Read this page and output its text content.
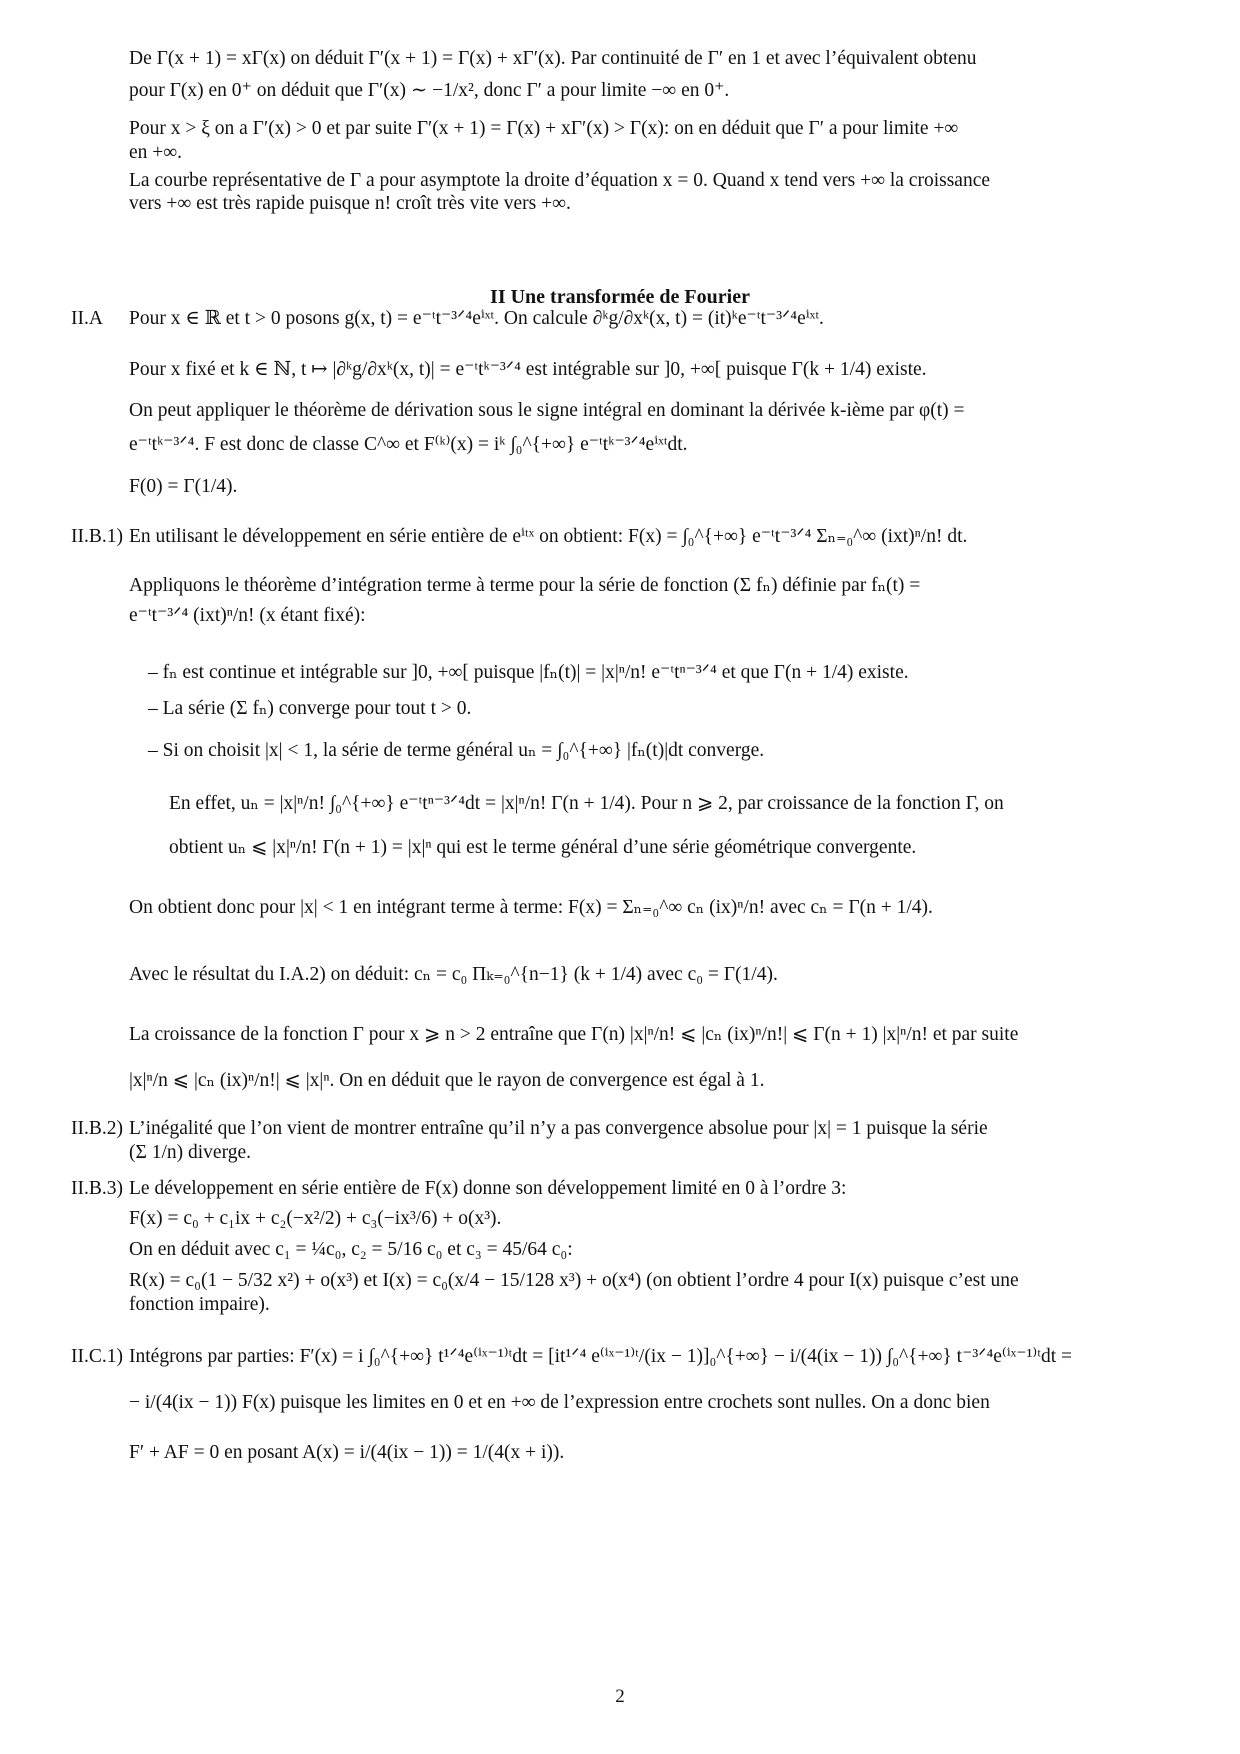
De Γ(x + 1) = xΓ(x) on déduit Γ′(x + 1) = Γ(x) + xΓ′(x). Par continuité de Γ′ en 1 et avec l’équivalent obtenu
pour Γ(x) en 0⁺ on déduit que Γ′(x) ∼ −1/x², donc Γ′ a pour limite −∞ en 0⁺.
Pour x > ξ on a Γ′(x) > 0 et par suite Γ′(x + 1) = Γ(x) + xΓ′(x) > Γ(x): on en déduit que Γ′ a pour limite +∞
en +∞.
La courbe représentative de Γ a pour asymptote la droite d’équation x = 0. Quand x tend vers +∞ la croissance
vers +∞ est très rapide puisque n! croît très vite vers +∞.
II Une transformée de Fourier
II.A Pour x ∈ ℝ et t > 0 posons g(x, t) = e⁻ᵗt⁻³ᐟ⁴eⁱˣᵗ. On calcule ∂ᵏg/∂xᵏ(x, t) = (it)ᵏe⁻ᵗt⁻³ᐟ⁴eⁱˣᵗ.
Pour x fixé et k ∈ ℕ, t ↦ |∂ᵏg/∂xᵏ(x, t)| = e⁻ᵗtᵏ⁻³ᐟ⁴ est intégrable sur ]0, +∞[ puisque Γ(k + 1/4) existe.
On peut appliquer le théorème de dérivation sous le signe intégral en dominant la dérivée k-ième par φ(t) =
e⁻ᵗtᵏ⁻³ᐟ⁴. F est donc de classe C^∞ et F⁽ᵏ⁾(x) = iᵏ ∫₀^{+∞} e⁻ᵗtᵏ⁻³ᐟ⁴eⁱˣᵗdt.
F(0) = Γ(1/4).
II.B.1) En utilisant le développement en série entière de eⁱᵗˣ on obtient: F(x) = ∫₀^{+∞} e⁻ᵗt⁻³ᐟ⁴ Σₙ₌₀^∞ (ixt)ⁿ/n! dt.
Appliquons le théorème d’intégration terme à terme pour la série de fonction (Σ fₙ) définie par fₙ(t) =
e⁻ᵗt⁻³ᐟ⁴ (ixt)ⁿ/n! (x étant fixé):
– fₙ est continue et intégrable sur ]0, +∞[ puisque |fₙ(t)| = |x|ⁿ/n! e⁻ᵗtⁿ⁻³ᐟ⁴ et que Γ(n + 1/4) existe.
– La série (Σ fₙ) converge pour tout t > 0.
– Si on choisit |x| < 1, la série de terme général uₙ = ∫₀^{+∞} |fₙ(t)|dt converge.
En effet, uₙ = |x|ⁿ/n! ∫₀^{+∞} e⁻ᵗtⁿ⁻³ᐟ⁴dt = |x|ⁿ/n! Γ(n + 1/4). Pour n ⩾ 2, par croissance de la fonction Γ, on
obtient uₙ ⩽ |x|ⁿ/n! Γ(n + 1) = |x|ⁿ qui est le terme général d’une série géométrique convergente.
On obtient donc pour |x| < 1 en intégrant terme à terme: F(x) = Σₙ₌₀^∞ cₙ (ix)ⁿ/n! avec cₙ = Γ(n + 1/4).
Avec le résultat du I.A.2) on déduit: cₙ = c₀ Πₖ₌₀^{n−1} (k + 1/4) avec c₀ = Γ(1/4).
La croissance de la fonction Γ pour x ⩾ n > 2 entraîne que Γ(n) |x|ⁿ/n! ⩽ |cₙ (ix)ⁿ/n!| ⩽ Γ(n + 1) |x|ⁿ/n! et par suite
|x|ⁿ/n ⩽ |cₙ (ix)ⁿ/n!| ⩽ |x|ⁿ. On en déduit que le rayon de convergence est égal à 1.
II.B.2) L’inégalité que l’on vient de montrer entraîne qu’il n’y a pas convergence absolue pour |x| = 1 puisque la série
(Σ 1/n) diverge.
II.B.3) Le développement en série entière de F(x) donne son développement limité en 0 à l’ordre 3:
F(x) = c₀ + c₁ix + c₂(−x²/2) + c₃(−ix³/6) + o(x³).
On en déduit avec c₁ = ¼c₀, c₂ = 5/16 c₀ et c₃ = 45/64 c₀:
R(x) = c₀(1 − 5/32 x²) + o(x³) et I(x) = c₀(x/4 − 15/128 x³) + o(x⁴) (on obtient l’ordre 4 pour I(x) puisque c’est une
fonction impaire).
II.C.1) Intégrons par parties: F′(x) = i ∫₀^{+∞} t¹ᐟ⁴e⁽ⁱˣ⁻¹⁾ᵗdt = [it¹ᐟ⁴ e⁽ⁱˣ⁻¹⁾ᵗ/(ix − 1)]₀^{+∞} − i/(4(ix − 1)) ∫₀^{+∞} t⁻³ᐟ⁴e⁽ⁱˣ⁻¹⁾ᵗdt =
− i/(4(ix − 1)) F(x) puisque les limites en 0 et en +∞ de l’expression entre crochets sont nulles. On a donc bien
F′ + AF = 0 en posant A(x) = i/(4(ix − 1)) = 1/(4(x + i)).
2
